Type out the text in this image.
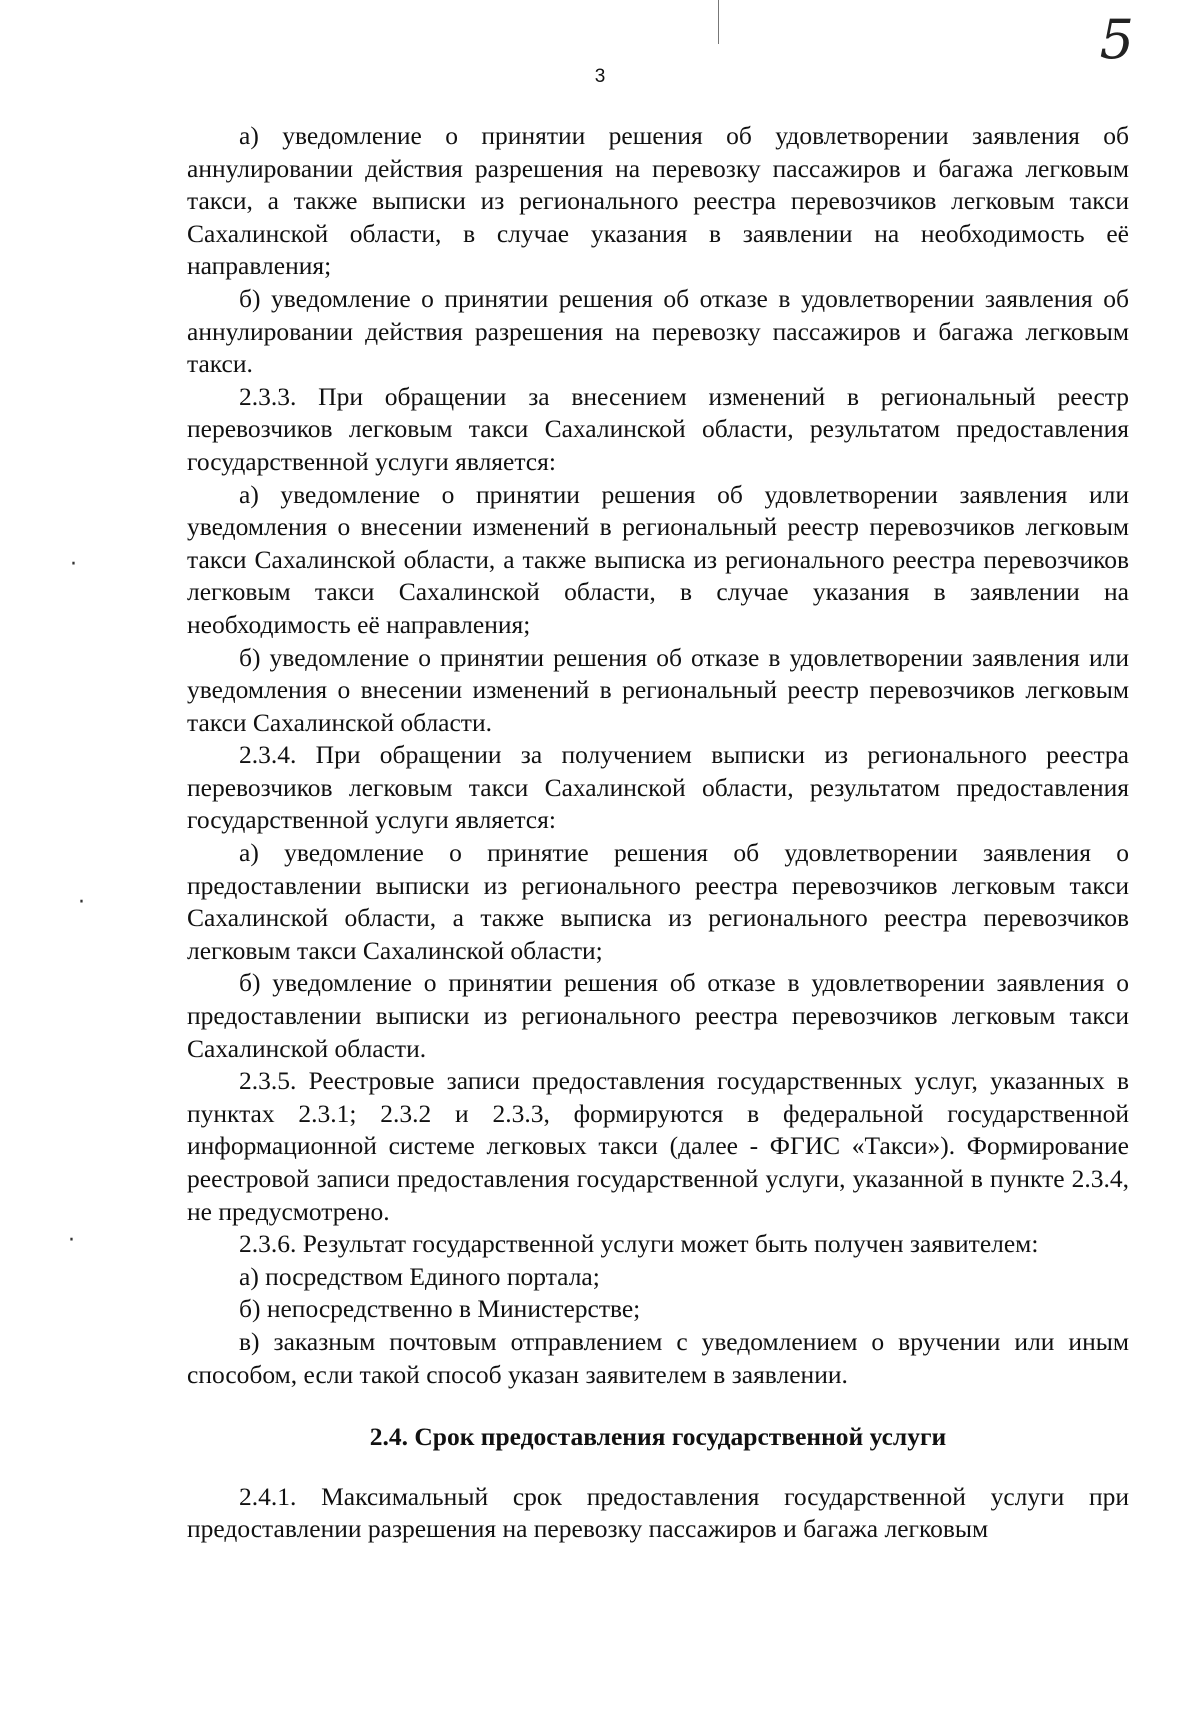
3
5
·
·
·

а) уведомление о принятии решения об удовлетворении заявления об аннулировании действия разрешения на перевозку пассажиров и багажа легковым такси, а также выписки из регионального реестра перевозчиков легковым такси Сахалинской области, в случае указания в заявлении на необходимость её направления;

б) уведомление о принятии решения об отказе в удовлетворении заявления об аннулировании действия разрешения на перевозку пассажиров и багажа легковым такси.

2.3.3. При обращении за внесением изменений в региональный реестр перевозчиков легковым такси Сахалинской области, результатом предоставления государственной услуги является:

а) уведомление о принятии решения об удовлетворении заявления или уведомления о внесении изменений в региональный реестр перевозчиков легковым такси Сахалинской области, а также выписка из регионального реестра перевозчиков легковым такси Сахалинской области, в случае указания в заявлении на необходимость её направления;

б) уведомление о принятии решения об отказе в удовлетворении заявления или уведомления о внесении изменений в региональный реестр перевозчиков легковым такси Сахалинской области.

2.3.4. При обращении за получением выписки из регионального реестра перевозчиков легковым такси Сахалинской области, результатом предоставления государственной услуги является:

а) уведомление о принятие решения об удовлетворении заявления о предоставлении выписки из регионального реестра перевозчиков легковым такси Сахалинской области, а также выписка из регионального реестра перевозчиков легковым такси Сахалинской области;

б) уведомление о принятии решения об отказе в удовлетворении заявления о предоставлении выписки из регионального реестра перевозчиков легковым такси Сахалинской области.

2.3.5. Реестровые записи предоставления государственных услуг, указанных в пунктах 2.3.1; 2.3.2 и 2.3.3, формируются в федеральной государственной информационной системе легковых такси (далее - ФГИС «Такси»). Формирование реестровой записи предоставления государственной услуги, указанной в пункте 2.3.4, не предусмотрено.

2.3.6. Результат государственной услуги может быть получен заявителем:

а) посредством Единого портала;

б) непосредственно в Министерстве;

в) заказным почтовым отправлением с уведомлением о вручении или иным способом, если такой способ указан заявителем в заявлении.

2.4. Срок предоставления государственной услуги

2.4.1. Максимальный срок предоставления государственной услуги при предоставлении разрешения на перевозку пассажиров и багажа легковым
